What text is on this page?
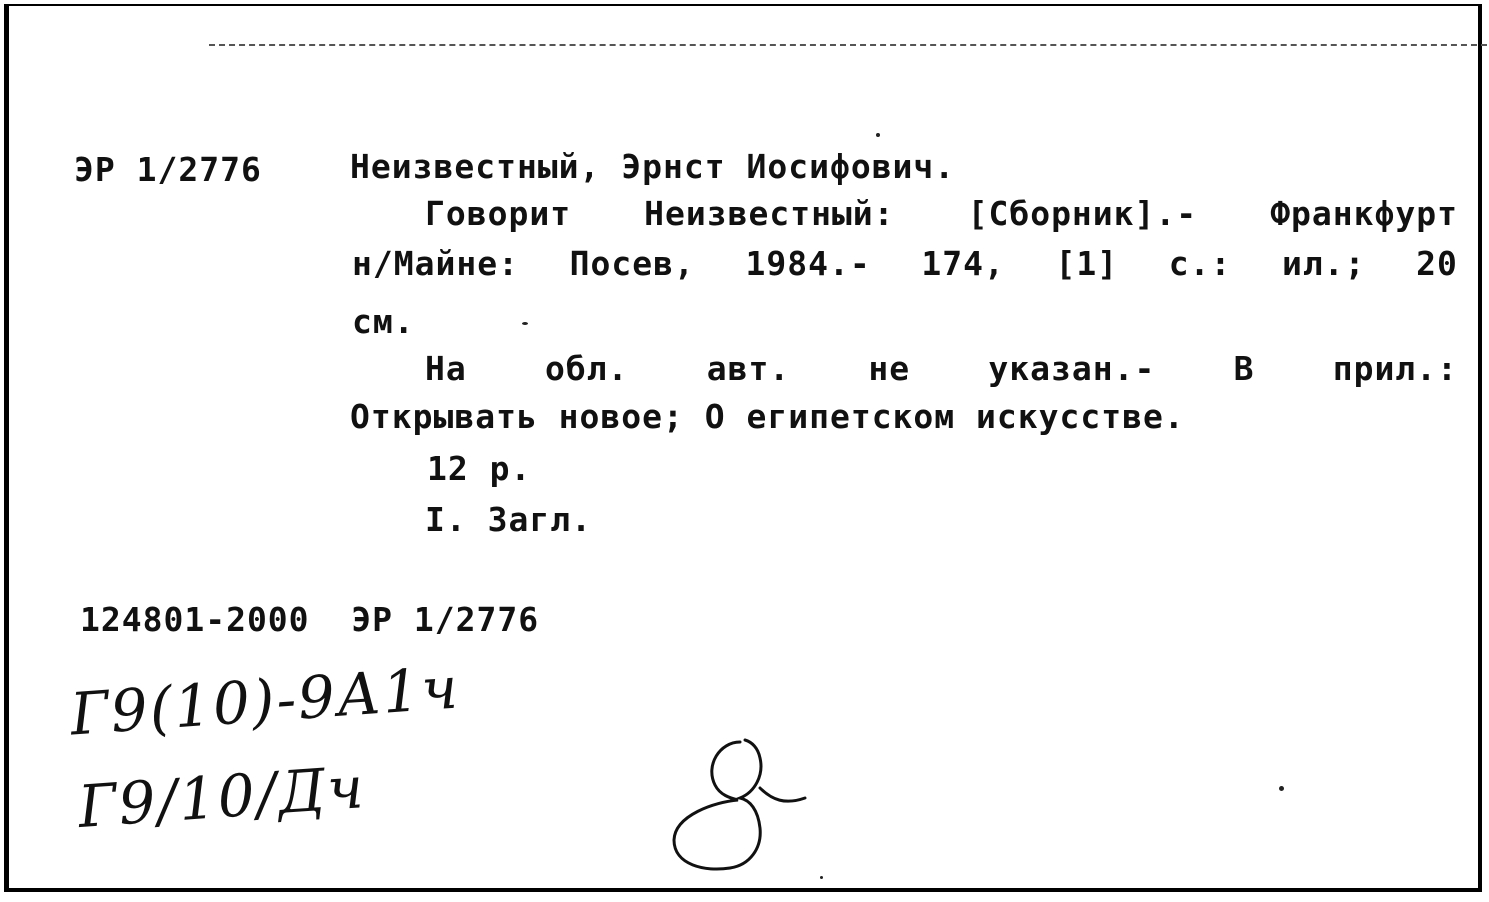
ЭР 1/2776	Неизвестный, Эрнст Иосифович.
Говорит Неизвестный: [Сборник].- Франкфурт
н/Майне: Посев, 1984.- 174, [1] с.: ил.; 20
см.
На обл. авт. не указан.- В прил.:
Открывать новое; О египетском искусстве.
12 р.
I. Загл.
124801-2000  ЭР 1/2776
Г9(10)-9А1ч
Г9/10/Дч
